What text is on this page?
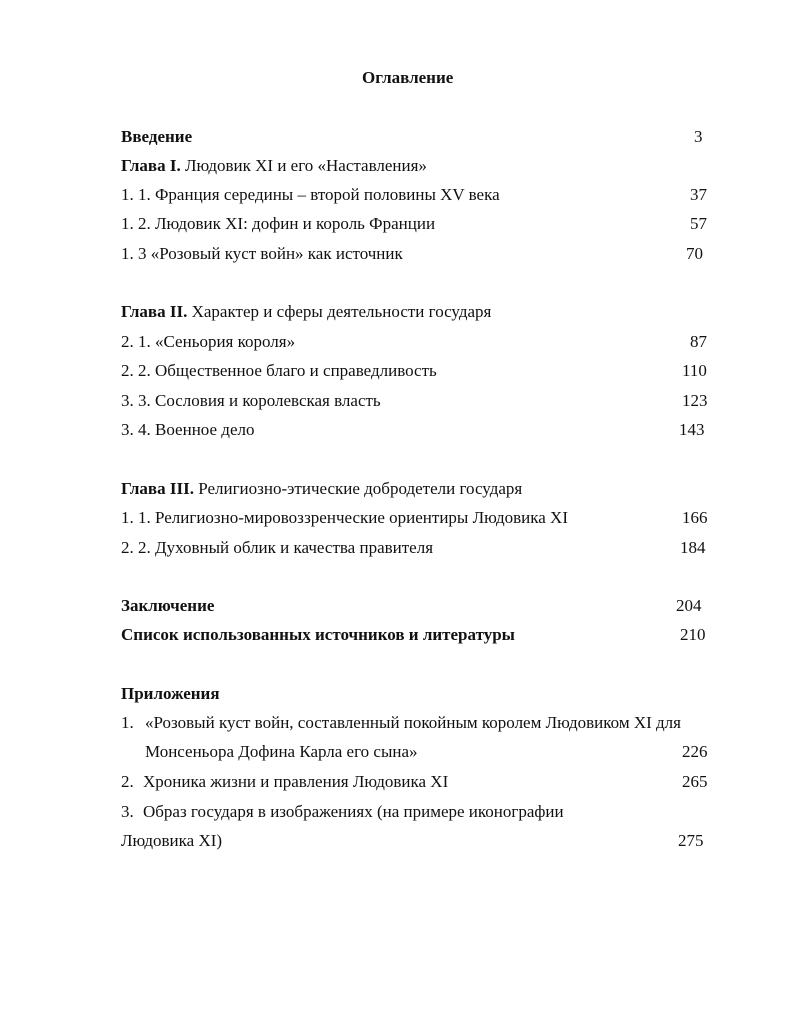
Оглавление
Введение	3
Глава I. Людовик XI и его «Наставления»
1. 1. Франция середины – второй половины XV века	37
1. 2. Людовик XI: дофин и король Франции	57
1. 3 «Розовый куст войн» как источник	70
Глава II. Характер и сферы деятельности государя
2. 1. «Сеньория короля»	87
2. 2. Общественное благо и справедливость	110
3. 3. Сословия и королевская власть	123
3. 4. Военное дело	143
Глава III. Религиозно-этические добродетели государя
1. 1. Религиозно-мировоззренческие ориентиры Людовика XI	166
2. 2. Духовный облик и качества правителя	184
Заключение	204
Список использованных источников и литературы	210
Приложения
1. «Розовый куст войн, составленный покойным королем Людовиком XI для
Монсеньора Дофина Карла его сына»	226
2. Хроника жизни и правления Людовика XI	265
3. Образ государя в изображениях (на примере иконографии
Людовика XI)	275
